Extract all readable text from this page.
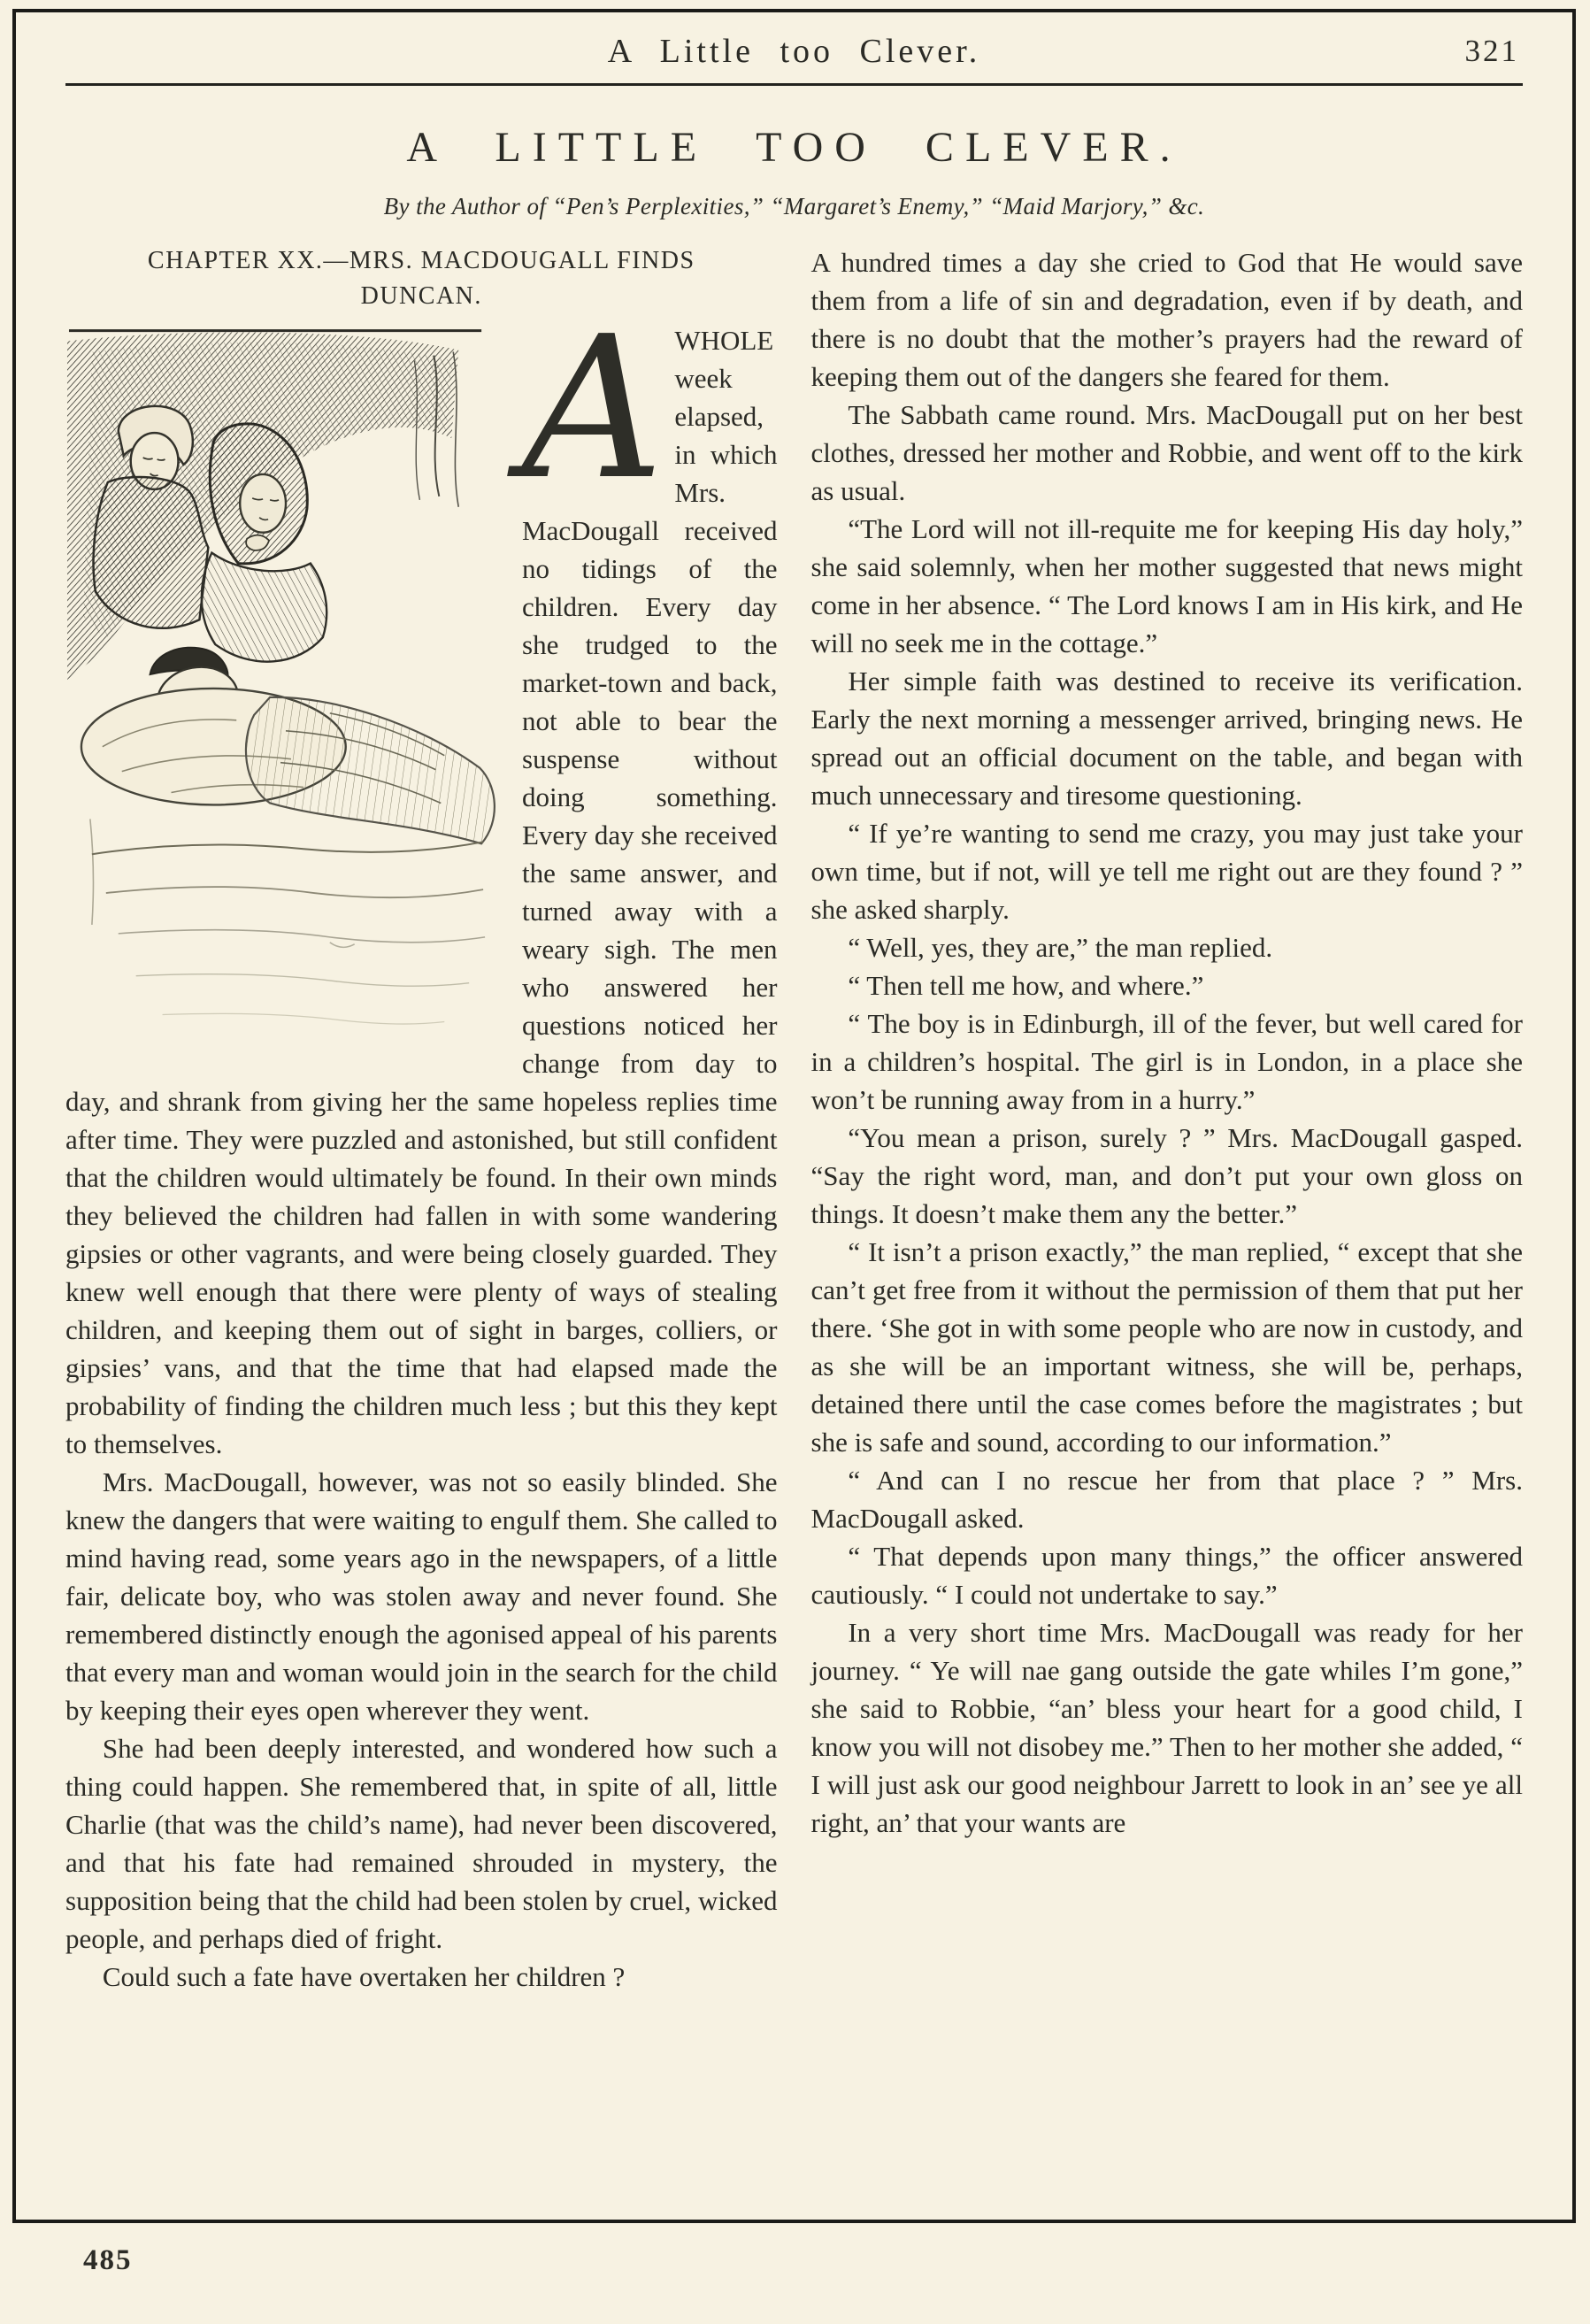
A Little too Clever.	321
A LITTLE TOO CLEVER.
By the Author of “Pen’s Perplexities,” “Margaret’s Enemy,” “Maid Marjory,” &c.
CHAPTER XX.—MRS. MACDOUGALL FINDS
DUNCAN. AWHOLE week elapsed, in which Mrs. MacDougall received no tidings of the children. Every day she trudged to the market-town and back, not able to bear the suspense without doing something. Every day she received the same answer, and turned away with a weary sigh. The men who answered her questions noticed her change from day to day, and shrank from giving her the same hopeless replies time after time. They were puzzled and astonished, but still confident that the children would ultimately be found. In their own minds they believed the children had fallen in with some wandering gipsies or other vagrants, and were being closely guarded. They knew well enough that there were plenty of ways of stealing children, and keeping them out of sight in barges, colliers, or gipsies’ vans, and that the time that had elapsed made the probability of finding the children much less ; but this they kept to themselves.

Mrs. MacDougall, however, was not so easily blinded. She knew the dangers that were waiting to engulf them. She called to mind having read, some years ago in the newspapers, of a little fair, delicate boy, who was stolen away and never found. She remembered distinctly enough the agonised appeal of his parents that every man and woman would join in the search for the child by keeping their eyes open wherever they went.

She had been deeply interested, and wondered how such a thing could happen. She remembered that, in spite of all, little Charlie (that was the child’s name), had never been discovered, and that his fate had remained shrouded in mystery, the supposition being that the child had been stolen by cruel, wicked people, and perhaps died of fright.

Could such a fate have overtaken her children ?

A hundred times a day she cried to God that He would save them from a life of sin and degradation, even if by death, and there is no doubt that the mother’s prayers had the reward of keeping them out of the dangers she feared for them.

The Sabbath came round. Mrs. MacDougall put on her best clothes, dressed her mother and Robbie, and went off to the kirk as usual.

“The Lord will not ill-requite me for keeping His day holy,” she said solemnly, when her mother suggested that news might come in her absence. “ The Lord knows I am in His kirk, and He will no seek me in the cottage.”

Her simple faith was destined to receive its verification. Early the next morning a messenger arrived, bringing news. He spread out an official document on the table, and began with much unnecessary and tiresome questioning.

“ If ye’re wanting to send me crazy, you may just take your own time, but if not, will ye tell me right out are they found ? ” she asked sharply.

“ Well, yes, they are,” the man replied.

“ Then tell me how, and where.”

“ The boy is in Edinburgh, ill of the fever, but well cared for in a children’s hospital. The girl is in London, in a place she won’t be running away from in a hurry.”

“You mean a prison, surely ? ” Mrs. MacDougall gasped. “Say the right word, man, and don’t put your own gloss on things. It doesn’t make them any the better.”

“ It isn’t a prison exactly,” the man replied, “ except that she can’t get free from it without the permission of them that put her there. ‘She got in with some people who are now in custody, and as she will be an important witness, she will be, perhaps, detained there until the case comes before the magistrates ; but she is safe and sound, according to our information.”

“ And can I no rescue her from that place ? ” Mrs. MacDougall asked.

“ That depends upon many things,” the officer answered cautiously. “ I could not undertake to say.”

In a very short time Mrs. MacDougall was ready for her journey. “ Ye will nae gang outside the gate whiles I’m gone,” she said to Robbie, “an’ bless your heart for a good child, I know you will not disobey me.” Then to her mother she added, “ I will just ask our good neighbour Jarrett to look in an’ see ye all right, an’ that your wants are

485
